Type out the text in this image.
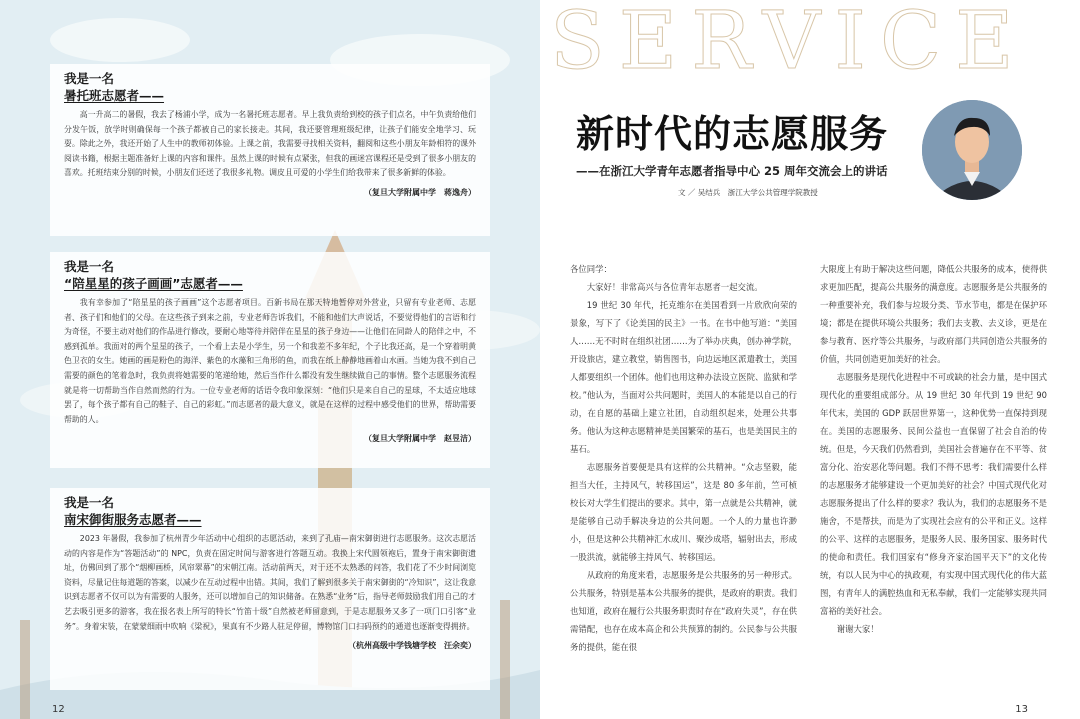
我是一名

暑托班志愿者——

高一升高二的暑假，我去了杨浦小学，成为一名暑托班志愿者。早上我负责给到校的孩子们点名，中午负责给他们分发午饭，放学时则确保每一个孩子都被自己的家长接走。其间，我还要管理班级纪律，让孩子们能安全地学习、玩耍。除此之外，我还开始了人生中的教师初体验。上课之前，我需要寻找相关资料，翻阅和这些小朋友年龄相符的课外阅读书籍，根据主题准备好上课的内容和课件。虽然上课的时候有点紧张，但我的画迷宫课程还是受到了很多小朋友的喜欢。托班结束分别的时候，小朋友们还送了我很多礼物。调皮且可爱的小学生们给我带来了很多新鲜的体验。
（复旦大学附属中学　蒋逸舟）

我是一名

“陪星星的孩子画画”志愿者——

我有幸参加了“陪星星的孩子画画”这个志愿者项目。百新书局在那天特地暂停对外营业，只留有专业老师、志愿者、孩子们和他们的父母。在这些孩子到来之前，专业老师告诉我们，不能和他们大声说话，不要觉得他们的言语和行为奇怪，不要主动对他们的作品进行修改，要耐心地等待并陪伴在星星的孩子身边——让他们在同龄人的陪伴之中，不感到孤单。我面对的两个星星的孩子，一个看上去是小学生，另一个和我差不多年纪，个子比我还高，是一个穿着明黄色卫衣的女生。她画的画是粉色的海洋、紫色的水藻和三角形的鱼，而我在纸上静静地画着山水画。当她为我不到自己需要的颜色的笔着急时，我负责将她需要的笔递给她，然后当作什么都没有发生继续做自己的事情。整个志愿服务流程就是将一切帮助当作自然而然的行为。一位专业老师的话语令我印象深刻：“他们只是来自自己的星球，不太适应地球罢了，每个孩子都有自己的鞋子、自己的彩虹。”而志愿者的最大意义，就是在这样的过程中感受他们的世界，帮助需要帮助的人。
（复旦大学附属中学　赵昱洁）

我是一名

南宋御街服务志愿者——

2023 年暑假，我参加了杭州青少年活动中心组织的志愿活动，来到了孔庙—南宋御街进行志愿服务。这次志愿活动的内容是作为“答题活动”的 NPC，负责在固定时间与游客进行答题互动。我换上宋代圆领袍后，置身于南宋御街遗址，仿佛回到了那个“烟柳画桥，风帘翠幕”的宋朝江南。活动前两天，对于还不太熟悉的问答，我们花了不少时间浏览资料，尽量记住每道题的答案，以减少在互动过程中出错。其间，我们了解到很多关于南宋御街的“冷知识”，这让我意识到志愿者不仅可以为有需要的人服务，还可以增加自己的知识储备。在熟悉“业务”后，指导老师鼓励我们用自己的才艺去吸引更多的游客，我在报名表上所写的特长“竹笛十级”自然被老师留意到，于是志愿服务又多了一项门口引客“业务”。身着宋装，在蒙蒙细雨中吹响《梁祝》，果真有不少路人驻足停留，博物馆门口扫码预约的通道也逐渐变得拥挤。
（杭州高级中学钱塘学校　汪余奕）
12
SERVICE
新时代的志愿服务
——在浙江大学青年志愿者指导中心 25 周年交流会上的讲话
文 ／ 吴结兵　浙江大学公共管理学院教授

各位同学：

大家好！非常高兴与各位青年志愿者一起交流。

19 世纪 30 年代，托克维尔在美国看到一片欣欣向荣的景象，写下了《论美国的民主》一书。在书中他写道：“美国人……无不时时在组织社团……为了举办庆典，创办神学院，开设旅店，建立教堂，销售图书，向边远地区派遣教士，美国人都要组织一个团体。他们也用这种办法设立医院、监狱和学校。”他认为，当面对公共问题时，美国人的本能是以自己的行动，在自愿的基础上建立社团，自动组织起来，处理公共事务。他认为这种志愿精神是美国繁荣的基石，也是美国民主的基石。

志愿服务首要便是具有这样的公共精神。“众志坚毅，能担当大任，主持风气，转移国运”，这是 80 多年前，竺可桢校长对大学生们提出的要求。其中，第一点就是公共精神，就是能够自己动手解决身边的公共问题。一个人的力量也许渺小，但是这种公共精神汇水成川、聚沙成塔，辐射出去，形成一股洪流，就能够主持风气、转移国运。

从政府的角度来看，志愿服务是公共服务的另一种形式。公共服务，特别是基本公共服务的提供，是政府的职责。我们也知道，政府在履行公共服务职责时存在“政府失灵”，存在供需错配，也存在成本高企和公共预算的制约。公民参与公共服务的提供，能在很

大限度上有助于解决这些问题，降低公共服务的成本，使得供求更加匹配，提高公共服务的满意度。志愿服务是公共服务的一种重要补充，我们参与垃圾分类、节水节电，都是在保护环境；都是在提供环境公共服务；我们去支教、去义诊，更是在参与教育、医疗等公共服务，与政府部门共同创造公共服务的价值，共同创造更加美好的社会。

志愿服务是现代化进程中不可或缺的社会力量，是中国式现代化的重要组成部分。从 19 世纪 30 年代到 19 世纪 90 年代末，美国的 GDP 跃居世界第一，这种优势一直保持到现在。美国的志愿服务、民间公益也一直保留了社会自治的传统。但是，今天我们仍然看到，美国社会普遍存在不平等、贫富分化、治安恶化等问题。我们不得不思考：我们需要什么样的志愿服务才能够建设一个更加美好的社会？中国式现代化对志愿服务提出了什么样的要求？我认为，我们的志愿服务不是施舍，不是帮扶，而是为了实现社会应有的公平和正义。这样的公平、这样的志愿服务，是服务人民、服务国家、服务时代的使命和责任。我们国家有“修身齐家治国平天下”的文化传统，有以人民为中心的执政观，有实现中国式现代化的伟大蓝图，有青年人的满腔热血和无私奉献，我们一定能够实现共同富裕的美好社会。

谢谢大家！

13
